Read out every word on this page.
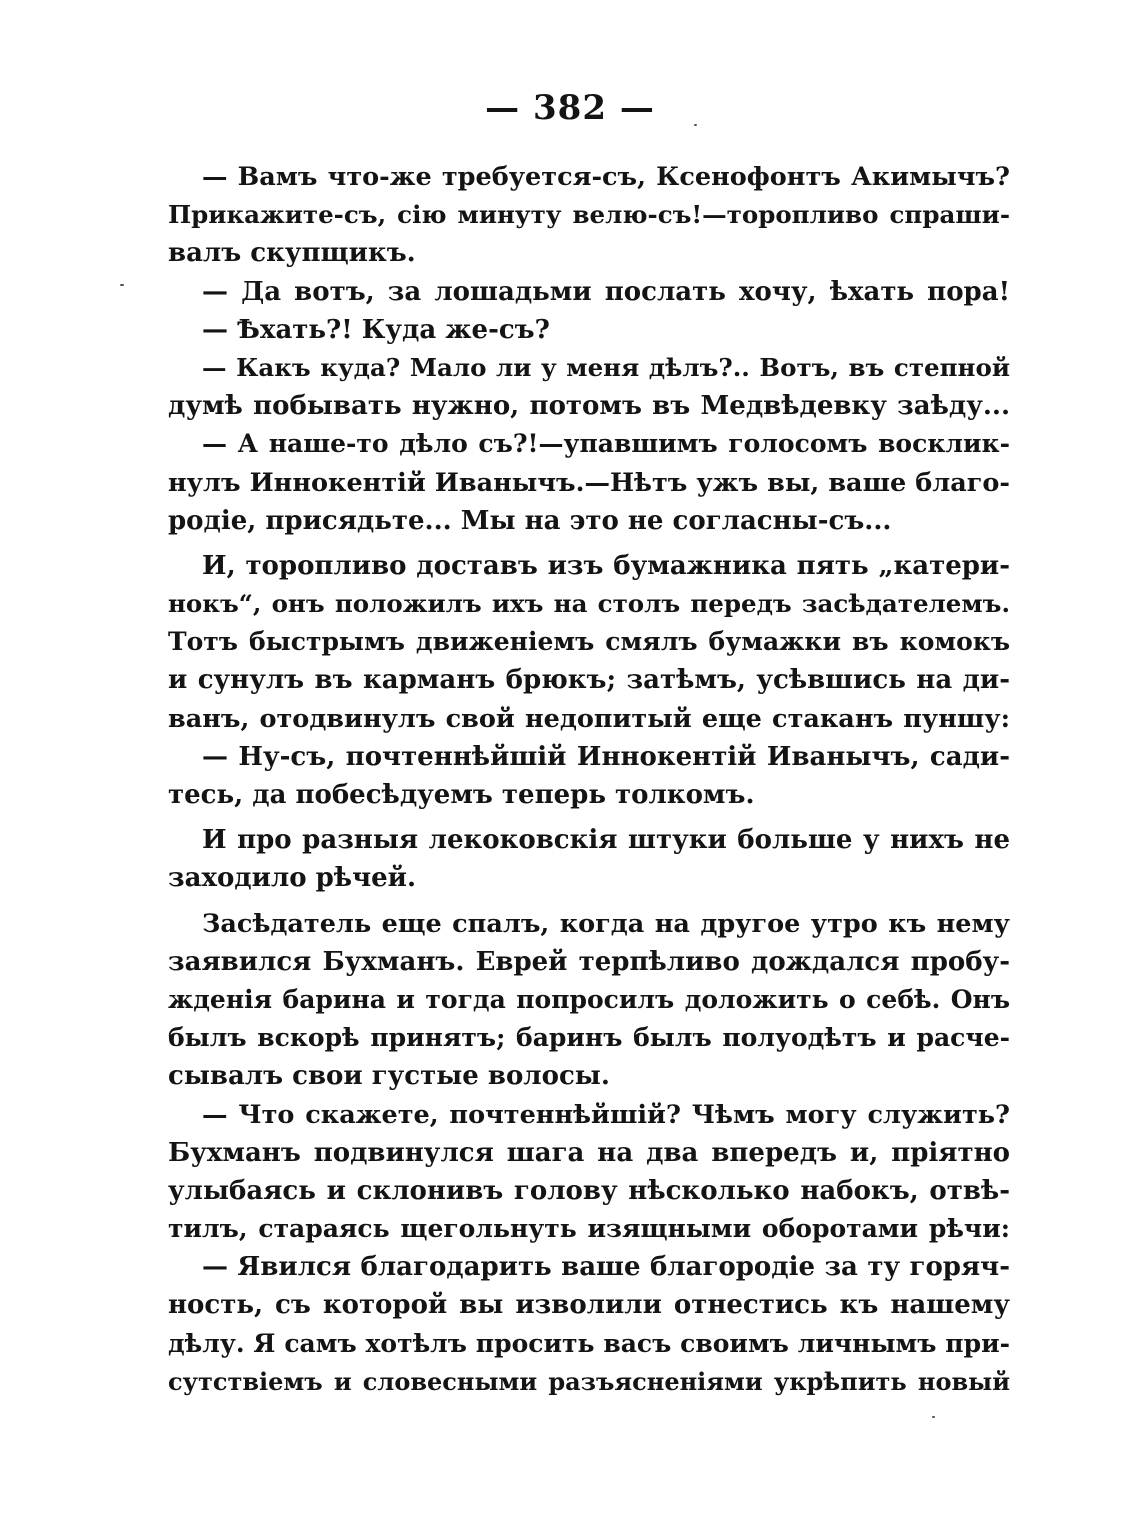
— 382 —
— Вамъ что-же требуется-съ, Ксенофонтъ Акимычъ?
Прикажите-съ, сію минуту велю-съ!—торопливо спраши-
валъ скупщикъ.
— Да вотъ, за лошадьми послать хочу, ѣхать пора!
— Ѣхать?! Куда же-съ?
— Какъ куда? Мало ли у меня дѣлъ?.. Вотъ, въ степной
думѣ побывать нужно, потомъ въ Медвѣдевку заѣду...
— А наше-то дѣло съ?!—упавшимъ голосомъ восклик-
нулъ Иннокентій Иванычъ.—Нѣтъ ужъ вы, ваше благо-
родіе, присядьте... Мы на это не согласны-съ...
И, торопливо доставъ изъ бумажника пять „катери-
нокъ“, онъ положилъ ихъ на столъ передъ засѣдателемъ.
Тотъ быстрымъ движеніемъ смялъ бумажки въ комокъ
и сунулъ въ карманъ брюкъ; затѣмъ, усѣвшись на ди-
ванъ, отодвинулъ свой недопитый еще стаканъ пуншу:
— Ну-съ, почтеннѣйшій Иннокентій Иванычъ, сади-
тесь, да побесѣдуемъ теперь толкомъ.
И про разныя лекоковскія штуки больше у нихъ не
заходило рѣчей.
Засѣдатель еще спалъ, когда на другое утро къ нему
заявился Бухманъ. Еврей терпѣливо дождался пробу-
жденія барина и тогда попросилъ доложить о себѣ. Онъ
былъ вскорѣ принятъ; баринъ былъ полуодѣтъ и расче-
сывалъ свои густые волосы.
— Что скажете, почтеннѣйшій? Чѣмъ могу служить?
Бухманъ подвинулся шага на два впередъ и, пріятно
улыбаясь и склонивъ голову нѣсколько набокъ, отвѣ-
тилъ, стараясь щегольнуть изящными оборотами рѣчи:
— Явился благодарить ваше благородіе за ту горяч-
ность, съ которой вы изволили отнестись къ нашему
дѣлу. Я самъ хотѣлъ просить васъ своимъ личнымъ при-
сутствіемъ и словесными разъясненіями укрѣпить новый
